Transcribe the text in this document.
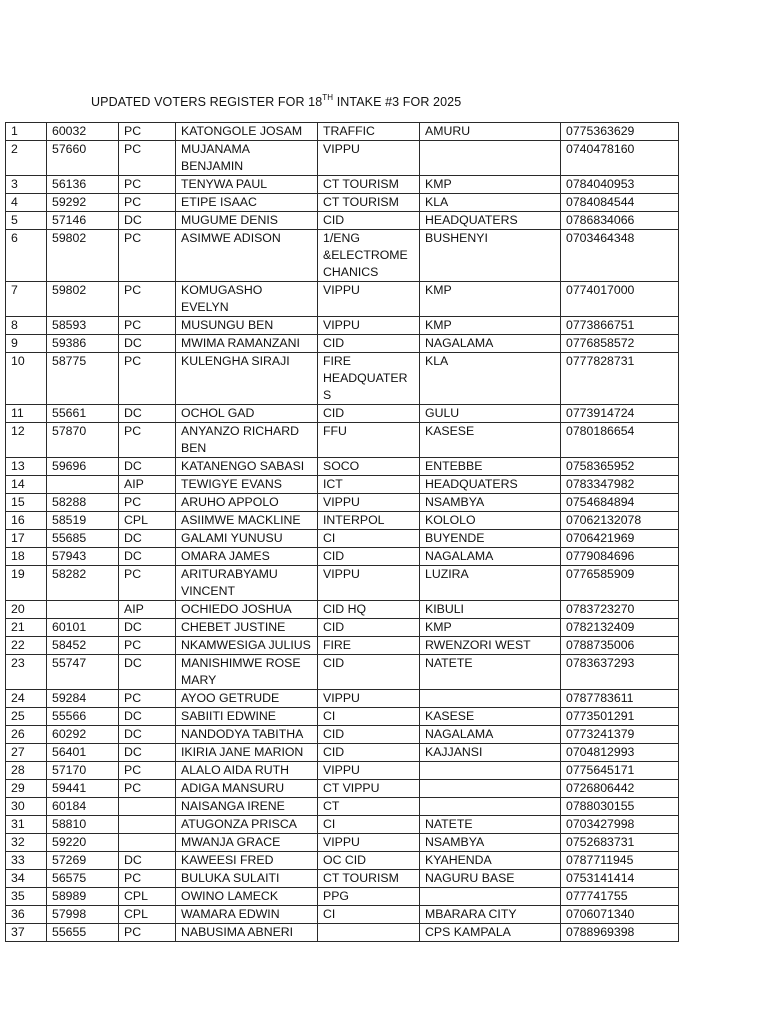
UPDATED VOTERS REGISTER FOR 18TH INTAKE #3 FOR 2025
1	60032	PC	KATONGOLE JOSAM	TRAFFIC	AMURU	0775363629
2	57660	PC	MUJANAMA BENJAMIN	VIPPU		0740478160
3	56136	PC	TENYWA PAUL	CT TOURISM	KMP	0784040953
4	59292	PC	ETIPE ISAAC	CT TOURISM	KLA	0784084544
5	57146	DC	MUGUME DENIS	CID	HEADQUATERS	0786834066
6	59802	PC	ASIMWE ADISON	1/ENG &ELECTROMECHANICS	BUSHENYI	0703464348
7	59802	PC	KOMUGASHO EVELYN	VIPPU	KMP	0774017000
8	58593	PC	MUSUNGU BEN	VIPPU	KMP	0773866751
9	59386	DC	MWIMA RAMANZANI	CID	NAGALAMA	0776858572
10	58775	PC	KULENGHA SIRAJI	FIRE HEADQUATERS	KLA	0777828731
11	55661	DC	OCHOL GAD	CID	GULU	0773914724
12	57870	PC	ANYANZO RICHARD BEN	FFU	KASESE	0780186654
13	59696	DC	KATANENGO SABASI	SOCO	ENTEBBE	0758365952
14		AIP	TEWIGYE EVANS	ICT	HEADQUATERS	0783347982
15	58288	PC	ARUHO APPOLO	VIPPU	NSAMBYA	0754684894
16	58519	CPL	ASIIMWE MACKLINE	INTERPOL	KOLOLO	07062132078
17	55685	DC	GALAMI YUNUSU	CI	BUYENDE	0706421969
18	57943	DC	OMARA JAMES	CID	NAGALAMA	0779084696
19	58282	PC	ARITURABYAMU VINCENT	VIPPU	LUZIRA	0776585909
20		AIP	OCHIEDO JOSHUA	CID HQ	KIBULI	0783723270
21	60101	DC	CHEBET JUSTINE	CID	KMP	0782132409
22	58452	PC	NKAMWESIGA JULIUS	FIRE	RWENZORI WEST	0788735006
23	55747	DC	MANISHIMWE ROSE MARY	CID	NATETE	0783637293
24	59284	PC	AYOO GETRUDE	VIPPU		0787783611
25	55566	DC	SABIITI EDWINE	CI	KASESE	0773501291
26	60292	DC	NANDODYA TABITHA	CID	NAGALAMA	0773241379
27	56401	DC	IKIRIA JANE MARION	CID	KAJJANSI	0704812993
28	57170	PC	ALALO AIDA RUTH	VIPPU		0775645171
29	59441	PC	ADIGA MANSURU	CT VIPPU		0726806442
30	60184		NAISANGA IRENE	CT		0788030155
31	58810		ATUGONZA PRISCA	CI	NATETE	0703427998
32	59220		MWANJA GRACE	VIPPU	NSAMBYA	0752683731
33	57269	DC	KAWEESI FRED	OC CID	KYAHENDA	0787711945
34	56575	PC	BULUKA SULAITI	CT TOURISM	NAGURU BASE	0753141414
35	58989	CPL	OWINO LAMECK	PPG		077741755
36	57998	CPL	WAMARA EDWIN	CI	MBARARA CITY	0706071340
37	55655	PC	NABUSIMA ABNERI		CPS KAMPALA	0788969398
